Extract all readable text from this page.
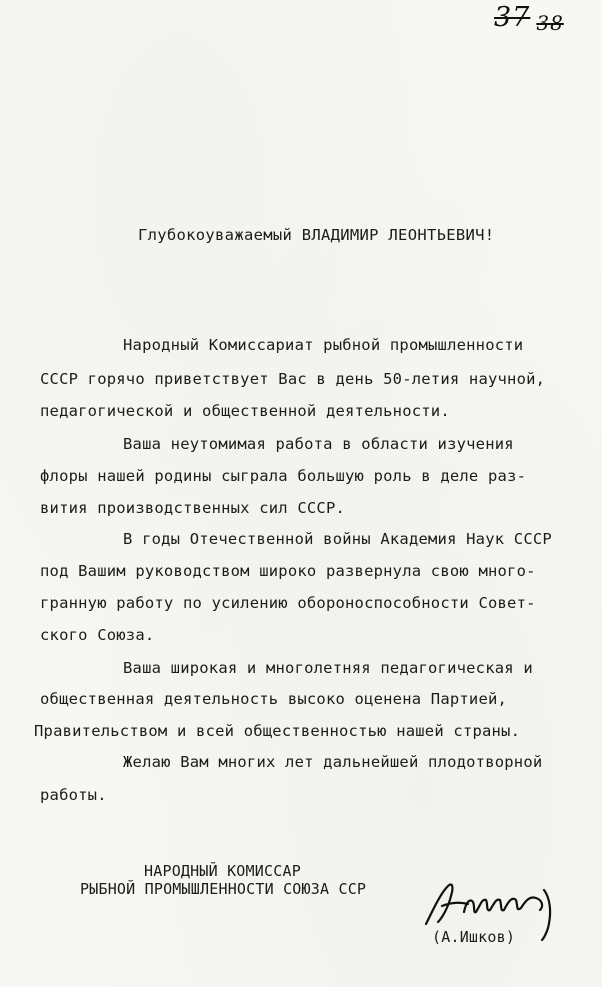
37 38
Глубокоуважаемый ВЛАДИМИР ЛЕОНТЬЕВИЧ!
Народный Комиссариат рыбной промышленности
СССР горячо приветствует Вас в день 50-летия научной,
педагогической и общественной деятельности.
Ваша неутомимая работа в области изучения
флоры нашей родины сыграла большую роль в деле раз-
вития производственных сил СССР.
В годы Отечественной войны Академия Наук СССР
под Вашим руководством широко развернула свою много-
гранную работу по усилению обороноспособности Совет-
ского Союза.
Ваша широкая и многолетняя педагогическая и
общественная деятельность высоко оценена Партией,
Правительством и всей общественностью нашей страны.
Желаю Вам многих лет дальнейшей плодотворной
работы.
НАРОДНЫЙ КОМИССАР
РЫБНОЙ ПРОМЫШЛЕННОСТИ СОЮЗА ССР
(А.Ишков)
